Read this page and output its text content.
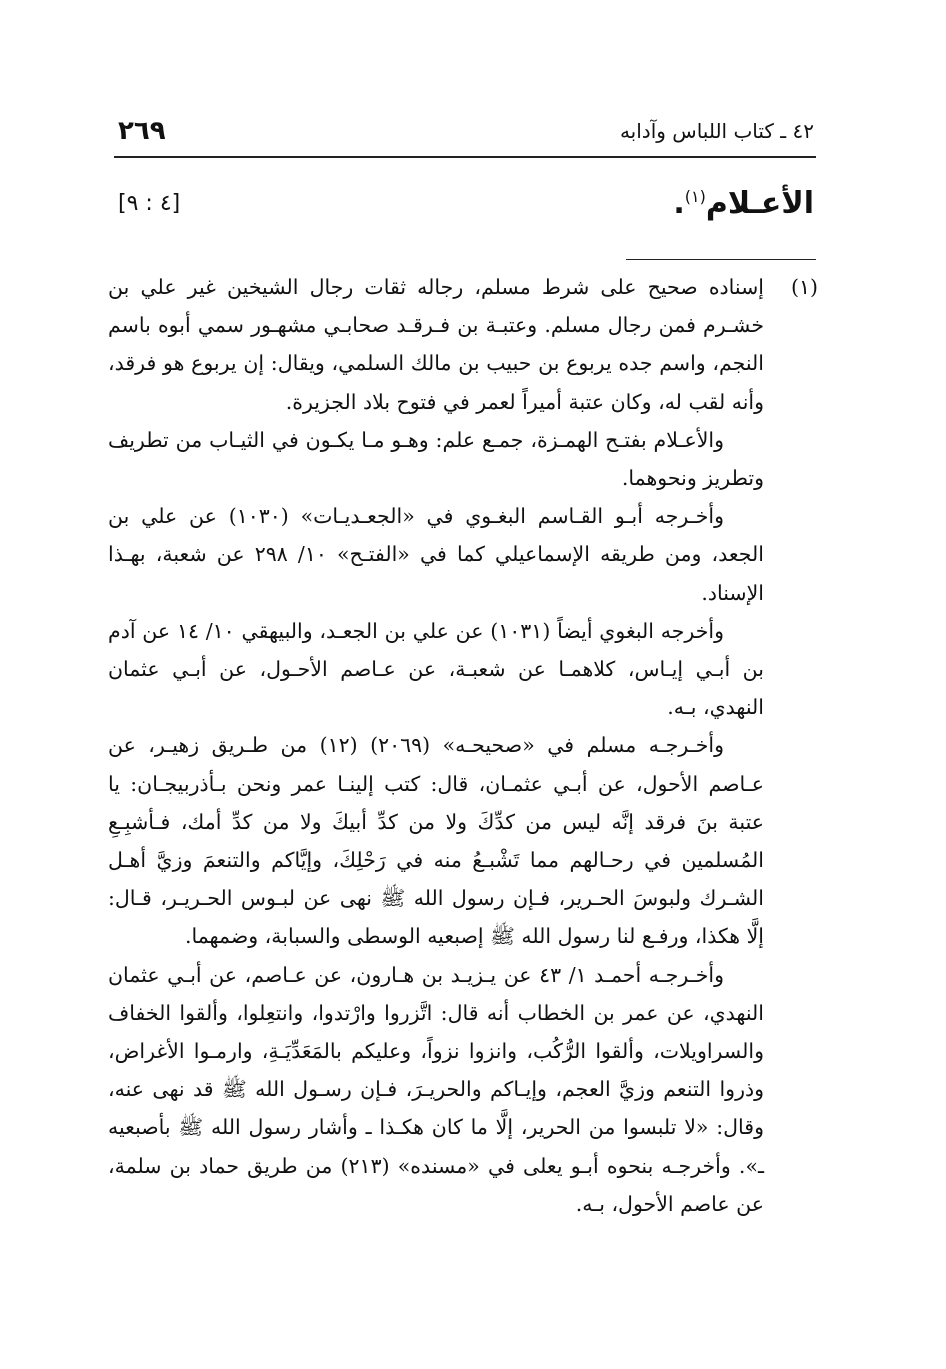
٤٢ ـ كتاب اللباس وآدابه
٢٦٩
الأعـلام$^{(١)}$.
[٤ : ٩]

(١)
إسناده صحيح على شرط مسلم، رجاله ثقات رجال الشيخين غير علي بن خشـرم فمن رجال مسلم. وعتبـة بن فـرقـد صحابـي مشهـور سمي أبوه باسم النجم، واسم جده يربوع بن حبيب بن مالك السلمي، ويقال: إن يربوع هو فرقد، وأنه لقب له، وكان عتبة أميراً لعمر في فتوح بلاد الجزيرة.

والأعـلام بفتـح الهمـزة، جمـع علم: وهـو مـا يكـون في الثيـاب من تطريف وتطريز ونحوهما.

وأخـرجه أبـو القـاسم البغـوي في «الجعـديـات» (١٠٣٠) عن علي بن الجعد، ومن طريقه الإسماعيلي كما في «الفتـح» ١٠/ ٢٩٨ عن شعبة، بهـذا الإسناد.

وأخرجه البغوي أيضاً (١٠٣١) عن علي بن الجعـد، والبيهقي ١٠/ ١٤ عن آدم بن أبـي إيـاس، كلاهمـا عن شعبـة، عن عـاصم الأحـول، عن أبـي عثمان النهدي، بـه.

وأخـرجـه مسلم في «صحيحـه» (٢٠٦٩) (١٢) من طـريق زهيـر، عن عـاصم الأحول، عن أبـي عثمـان، قال: كتب إلينـا عمر ونحن بـأذربيجـان: يا عتبة بنَ فرقد إنَّه ليس من كدِّكَ ولا من كدِّ أبيكَ ولا من كدِّ أمك، فـأشبِـعِ المُسلمين في رحـالهم مما تَشْبـعُ منه في رَحْلِكَ، وإيَّاكم والتنعمَ وزيَّ أهـل الشـرك ولبوسَ الحـرير، فـإن رسول الله ﷺ نهى عن لبـوس الحـريـر، قـال: إلَّا هكذا، ورفـع لنا رسول الله ﷺ إصبعيه الوسطى والسبابة، وضمهما.

وأخـرجـه أحمـد ١/ ٤٣ عن يـزيـد بن هـارون، عن عـاصم، عن أبـي عثمان النهدي، عن عمر بن الخطاب أنه قال: اتَّزروا وارْتدوا، وانتعِلوا، وألقوا الخفاف والسراويلات، وألقوا الرُّكُب، وانزوا نزواً، وعليكم بالمَعَدِّيَـةِ، وارمـوا الأغراض، وذروا التنعم وزيَّ العجم، وإيـاكم والحريـرَ، فـإن رسـول الله ﷺ قد نهى عنه، وقال: «لا تلبسوا من الحرير، إلَّا ما كان هكـذا ـ وأشار رسول الله ﷺ بأصبعيه ـ». وأخرجـه بنحوه أبـو يعلى في «مسنده» (٢١٣) من طريق حماد بن سلمة، عن عاصم الأحول، بـه.
